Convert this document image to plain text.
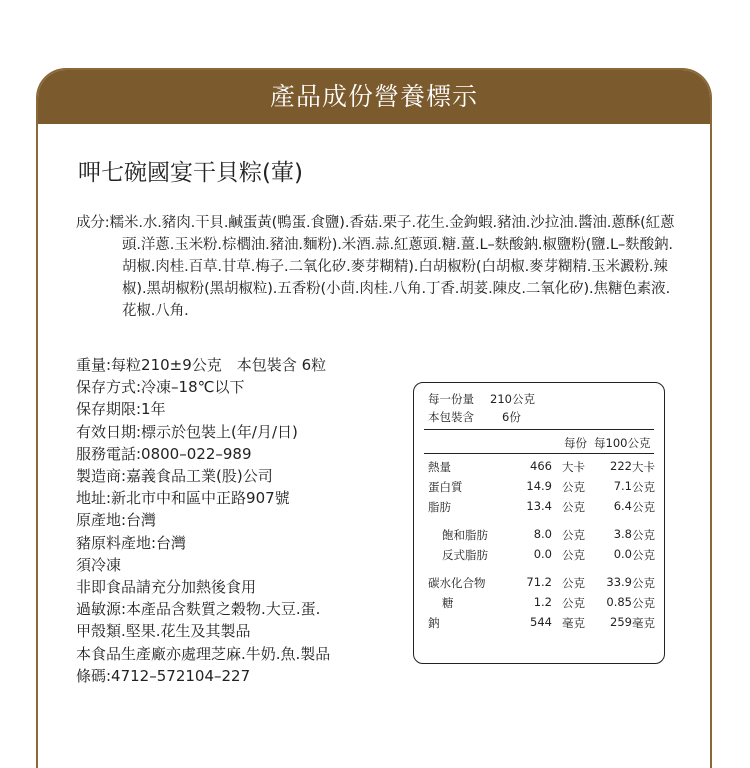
產品成份營養標示
呷七碗國宴干貝粽(葷)
成分:糯米.水.豬肉.干貝.鹹蛋黃(鴨蛋.食鹽).香菇.栗子.花生.金鉤蝦.豬油.沙拉油.醬油.蔥酥(紅蔥頭.洋蔥.玉米粉.棕櫚油.豬油.麵粉).米酒.蒜.紅蔥頭.糖.薑.L–麩酸鈉.椒鹽粉(鹽.L–麩酸鈉.胡椒.肉桂.百草.甘草.梅子.二氧化矽.麥芽糊精).白胡椒粉(白胡椒.麥芽糊精.玉米澱粉.辣椒).黑胡椒粉(黑胡椒粒).五香粉(小茴.肉桂.八角.丁香.胡荽.陳皮.二氧化矽).焦糖色素液.花椒.八角.
重量:每粒210±9公克　本包裝含 6粒
保存方式:冷凍–18℃以下
保存期限:1年
有效日期:標示於包裝上(年/月/日)
服務電話:0800–022–989
製造商:嘉義食品工業(股)公司
地址:新北市中和區中正路907號
原產地:台灣
豬原料產地:台灣
須冷凍
非即食品請充分加熱後食用
過敏源:本產品含麩質之穀物.大豆.蛋.
甲殼類.堅果.花生及其製品
本食品生產廠亦處理芝麻.牛奶.魚.製品
條碼:4712–572104–227
每一份量 210公克
本包裝含 6份
每份 每100公克
熱量	466 大卡	222 大卡
蛋白質	14.9 公克	7.1 公克
脂肪	13.4 公克	6.4 公克
飽和脂肪	8.0 公克	3.8 公克
反式脂肪	0.0 公克	0.0 公克
碳水化合物	71.2 公克	33.9 公克
糖	1.2 公克	0.85 公克
鈉	544 毫克	259 毫克
